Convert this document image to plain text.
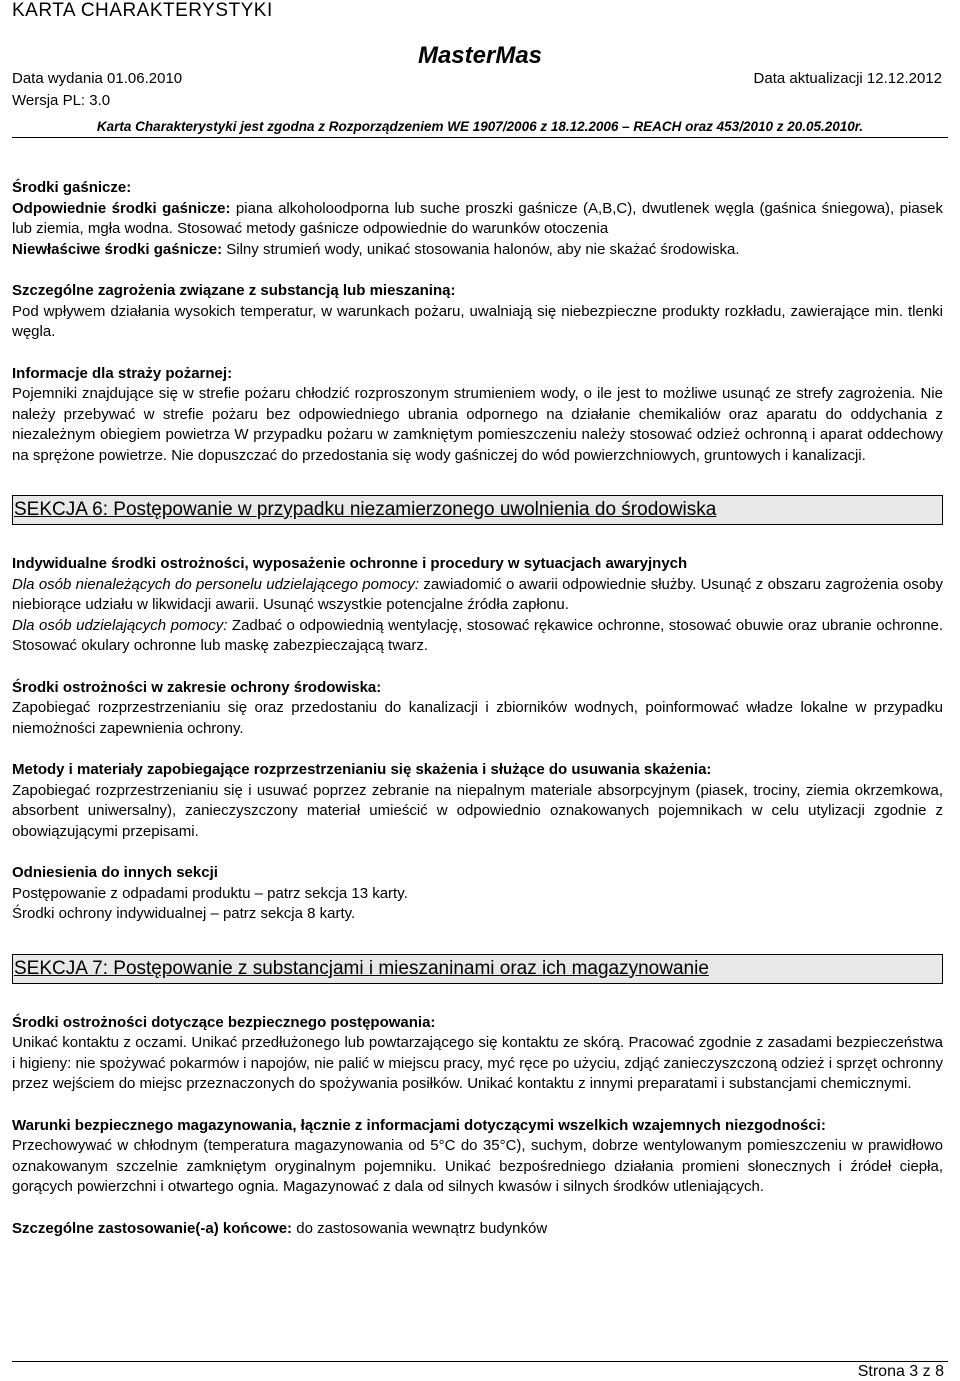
KARTA CHARAKTERYSTYKI
MasterMas
Data wydania 01.06.2010	Data aktualizacji 12.12.2012
Wersja PL: 3.0
Karta Charakterystyki jest zgodna z Rozporządzeniem WE 1907/2006 z 18.12.2006 – REACH oraz 453/2010 z 20.05.2010r.

Środki gaśnicze:

Odpowiednie środki gaśnicze: piana alkoholoodporna lub suche proszki gaśnicze (A,B,C), dwutlenek węgla (gaśnica śniegowa), piasek lub ziemia, mgła wodna. Stosować metody gaśnicze odpowiednie do warunków otoczenia

Niewłaściwe środki gaśnicze: Silny strumień wody, unikać stosowania halonów, aby nie skażać środowiska.

Szczególne zagrożenia związane z substancją lub mieszaniną:

Pod wpływem działania wysokich temperatur, w warunkach pożaru, uwalniają się niebezpieczne produkty rozkładu, zawierające min. tlenki węgla.

Informacje dla straży pożarnej:

Pojemniki znajdujące się w strefie pożaru chłodzić rozproszonym strumieniem wody, o ile jest to możliwe usunąć ze strefy zagrożenia. Nie należy przebywać w strefie pożaru bez odpowiedniego ubrania odpornego na działanie chemikaliów oraz aparatu do oddychania z niezależnym obiegiem powietrza W przypadku pożaru w zamkniętym pomieszczeniu należy stosować odzież ochronną i aparat oddechowy na sprężone powietrze. Nie dopuszczać do przedostania się wody gaśniczej do wód powierzchniowych, gruntowych i kanalizacji.

SEKCJA 6: Postępowanie w przypadku niezamierzonego uwolnienia do środowiska

Indywidualne środki ostrożności, wyposażenie ochronne i procedury w sytuacjach awaryjnych

Dla osób nienależących do personelu udzielającego pomocy: zawiadomić o awarii odpowiednie służby. Usunąć z obszaru zagrożenia osoby niebiorące udziału w likwidacji awarii. Usunąć wszystkie potencjalne źródła zapłonu.

Dla osób udzielających pomocy: Zadbać o odpowiednią wentylację, stosować rękawice ochronne, stosować obuwie oraz ubranie ochronne. Stosować okulary ochronne lub maskę zabezpieczającą twarz.

Środki ostrożności w zakresie ochrony środowiska:

Zapobiegać rozprzestrzenianiu się oraz przedostaniu do kanalizacji i zbiorników wodnych, poinformować władze lokalne w przypadku niemożności zapewnienia ochrony.

Metody i materiały zapobiegające rozprzestrzenianiu się skażenia i służące do usuwania skażenia:

Zapobiegać rozprzestrzenianiu się i usuwać poprzez zebranie na niepalnym materiale absorpcyjnym (piasek, trociny, ziemia okrzemkowa, absorbent uniwersalny), zanieczyszczony materiał umieścić w odpowiednio oznakowanych pojemnikach w celu utylizacji zgodnie z obowiązującymi przepisami.

Odniesienia do innych sekcji

Postępowanie z odpadami produktu – patrz sekcja 13 karty.

Środki ochrony indywidualnej – patrz sekcja 8 karty.

SEKCJA 7: Postępowanie z substancjami i mieszaninami oraz ich magazynowanie

Środki ostrożności dotyczące bezpiecznego postępowania:

Unikać kontaktu z oczami. Unikać przedłużonego lub powtarzającego się kontaktu ze skórą. Pracować zgodnie z zasadami bezpieczeństwa i higieny: nie spożywać pokarmów i napojów, nie palić w miejscu pracy, myć ręce po użyciu, zdjąć zanieczyszczoną odzież i sprzęt ochronny przez wejściem do miejsc przeznaczonych do spożywania posiłków. Unikać kontaktu z innymi preparatami i substancjami chemicznymi.

Warunki bezpiecznego magazynowania, łącznie z informacjami dotyczącymi wszelkich wzajemnych niezgodności:

Przechowywać w chłodnym (temperatura magazynowania od 5°C do 35°C), suchym, dobrze wentylowanym pomieszczeniu w prawidłowo oznakowanym szczelnie zamkniętym oryginalnym pojemniku. Unikać bezpośredniego działania promieni słonecznych i źródeł ciepła, gorących powierzchni i otwartego ognia. Magazynować z dala od silnych kwasów i silnych środków utleniających.

Szczególne zastosowanie(-a) końcowe: do zastosowania wewnątrz budynków

Strona 3 z 8
